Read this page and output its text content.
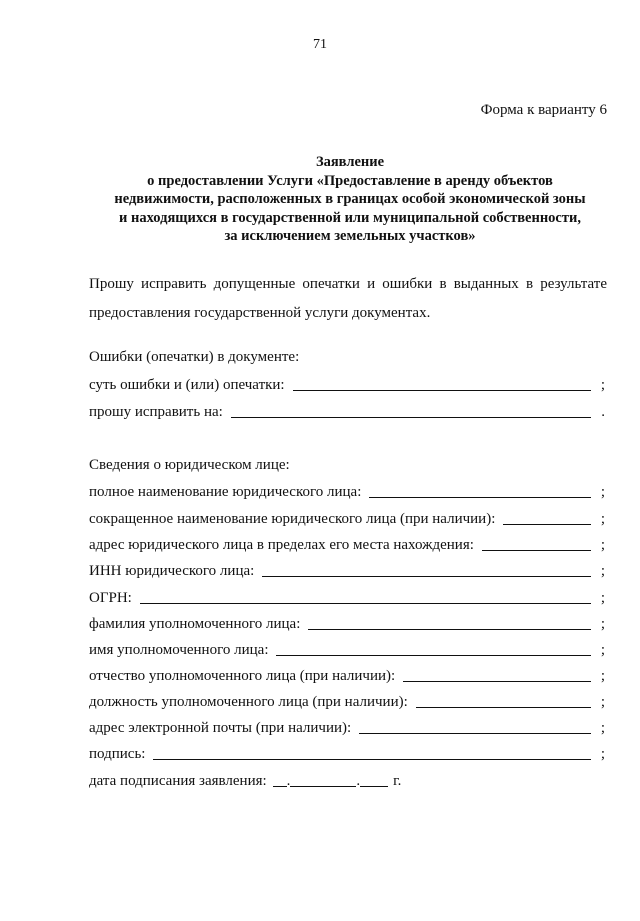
71
Форма к варианту 6
Заявление
о предоставлении Услуги «Предоставление в аренду объектов
недвижимости, расположенных в границах особой экономической зоны
и находящихся в государственной или муниципальной собственности,
за исключением земельных участков»
Прошу исправить допущенные опечатки и ошибки в выданных в результате предоставления государственной услуги документах.
Ошибки (опечатки) в документе:
суть ошибки и (или) опечатки:	;
прошу исправить на:	.
Сведения о юридическом лице:
полное наименование юридического лица:	;
сокращенное наименование юридического лица (при наличии):	;
адрес юридического лица в пределах его места нахождения:	;
ИНН юридического лица:	;
ОГРН:	;
фамилия уполномоченного лица:	;
имя уполномоченного лица:	;
отчество уполномоченного лица (при наличии):	;
должность уполномоченного лица (при наличии):	;
адрес электронной почты (при наличии):	;
подпись:	;
дата подписания заявления:	.	.	г.
